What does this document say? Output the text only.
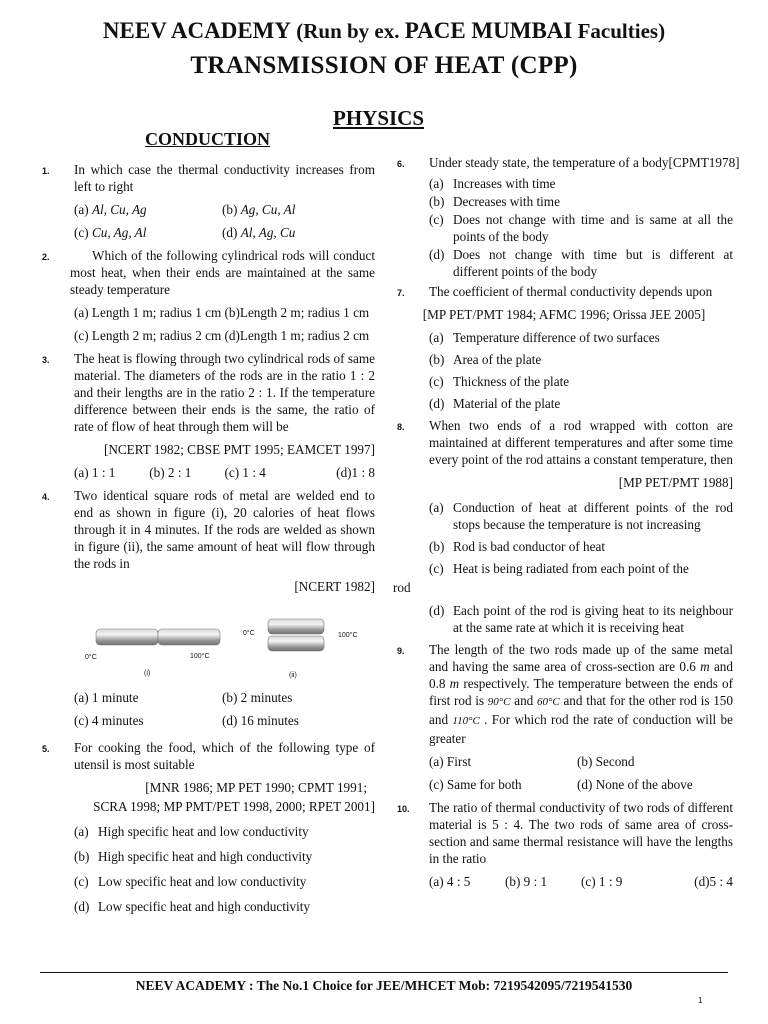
NEEV ACADEMY (Run by ex. PACE MUMBAI Faculties)
TRANSMISSION OF HEAT (CPP)
PHYSICS
CONDUCTION
1. In which case the thermal conductivity increases from left to right
(a) Al, Cu, Ag	(b) Ag, Cu, Al
(c) Cu, Ag, Al	(d) Al, Ag, Cu
2.	Which of the following cylindrical rods will conduct most heat, when their ends are maintained at the same steady temperature
(a) Length 1 m; radius 1 cm (b)Length 2 m; radius 1 cm
(c) Length 2 m; radius 2 cm (d)Length 1 m; radius 2 cm
3. The heat is flowing through two cylindrical rods of same material. The diameters of the rods are in the ratio 1 : 2 and their lengths are in the ratio 2 : 1. If the temperature difference between their ends is the same, the ratio of rate of flow of heat through them will be
[NCERT 1982; CBSE PMT 1995; EAMCET 1997]
(a) 1 : 1	(b) 2 : 1	(c) 1 : 4	(d)1 : 8
4. Two identical square rods of metal are welded end to end as shown in figure (i), 20 calories of heat flows through it in 4 minutes. If the rods are welded as shown in figure (ii), the same amount of heat will flow through the rods in
[NCERT 1982]
0°C	100°C
0°C	100°C
(i)	(ii)
(a) 1 minute	(b) 2 minutes
(c) 4 minutes	(d) 16 minutes
5. For cooking the food, which of the following type of utensil is most suitable
[MNR 1986; MP PET 1990; CPMT 1991;
SCRA 1998; MP PMT/PET 1998, 2000; RPET 2001]
(a) High specific heat and low conductivity
(b) High specific heat and high conductivity
(c) Low specific heat and low conductivity
(d) Low specific heat and high conductivity
6. Under steady state, the temperature of a body[CPMT1978]
(a) Increases with time
(b) Decreases with time
(c) Does not change with time and is same at all the points of the body
(d) Does not change with time but is different at different points of the body
7. The coefficient of thermal conductivity depends upon
[MP PET/PMT 1984; AFMC 1996; Orissa JEE 2005]
(a) Temperature difference of two surfaces
(b) Area of the plate
(c) Thickness of the plate
(d) Material of the plate
8. When two ends of a rod wrapped with cotton are maintained at different temperatures and after some time every point of the rod attains a constant temperature, then
[MP PET/PMT 1988]
(a) Conduction of heat at different points of the rod stops because the temperature is not increasing
(b) Rod is bad conductor of heat
(c) Heat is being radiated from each point of the
rod
(d) Each point of the rod is giving heat to its neighbour at the same rate at which it is receiving heat
9. The length of the two rods made up of the same metal and having the same area of cross-section are 0.6 m and 0.8 m respectively. The temperature between the ends of first rod is 90°C and 60°C and that for the other rod is 150 and 110°C . For which rod the rate of conduction will be greater
(a) First	(b) Second
(c) Same for both	(d) None of the above
10. The ratio of thermal conductivity of two rods of different material is 5 : 4. The two rods of same area of cross-section and same thermal resistance will have the lengths in the ratio
(a) 4 : 5	(b) 9 : 1	(c) 1 : 9	(d)5 : 4
NEEV ACADEMY : The No.1 Choice for JEE/MHCET Mob: 7219542095/7219541530
1
